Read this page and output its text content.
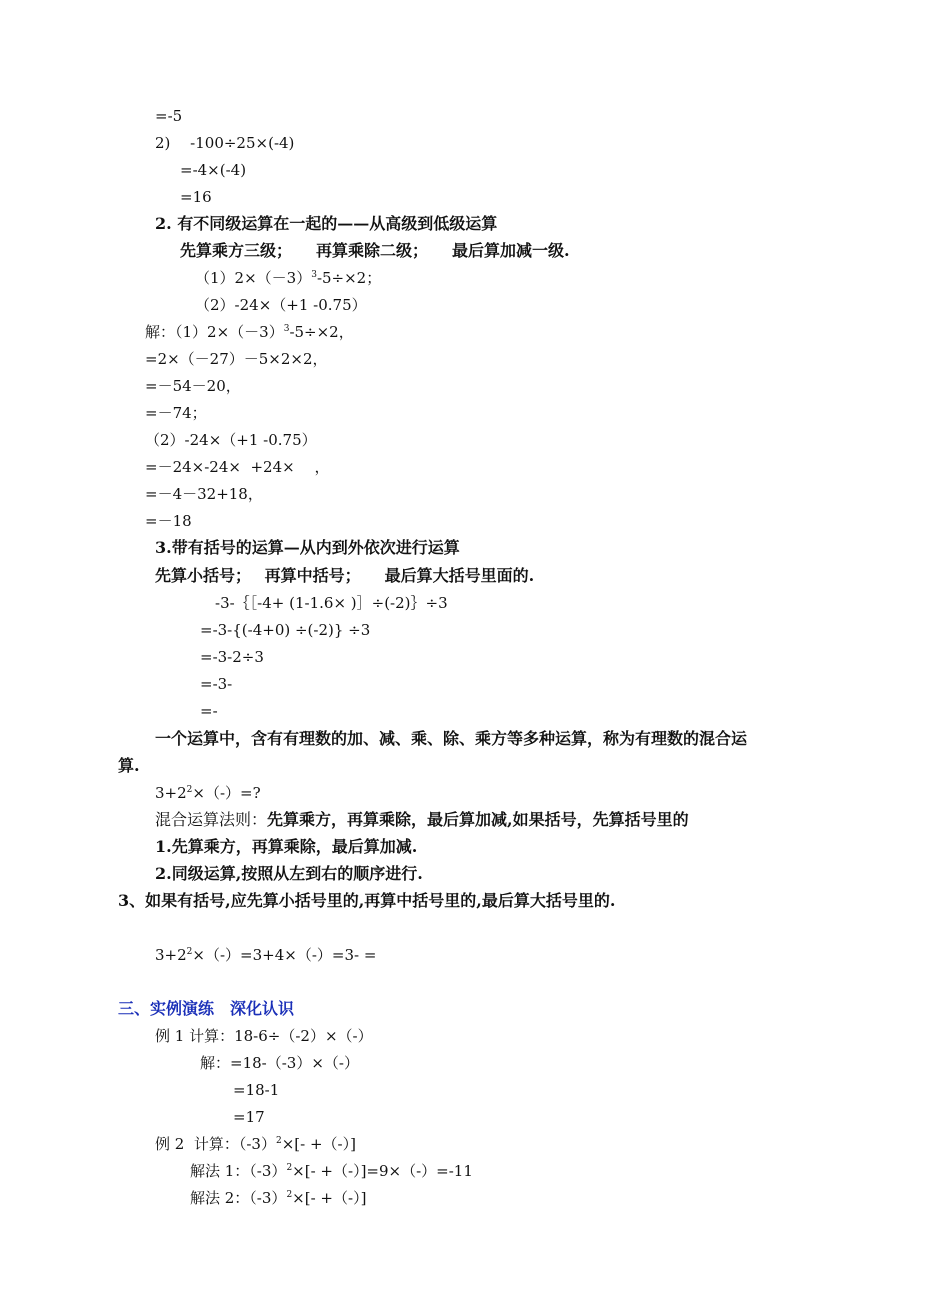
=-5
2)　 -100÷25×(-4)
=-4×(-4)
=16
2. 有不同级运算在一起的——从高级到低级运算
先算乘方三级；　　再算乘除二级；　　最后算加减一级.
$(1)2\times(-3)^3-5\div\times 2$；
（2）-24×（+1 -0.75）
解：$(1)2\times(-3)^3-5\div\times 2$，
=2×（－27）－5×2×2，
=－54－20，
=－74；
（2）-24×（+1 -0.75）
=－24×-24×  +24×　 ，
=－4－32+18，
=－18
3.带有括号的运算—从内到外依次进行运算
先算小括号；　 再算中括号；　　最后算大括号里面的.
-3-｛［-4+ (1-1.6× )］÷(-2)｝÷3
=-3-{(-4+0) ÷(-2)} ÷3
=-3-2÷3
=-3-
=-
一个运算中，含有有理数的加、减、乘、除、乘方等多种运算，称为有理数的混合运
算.
$3+2^2\times(-)=$?
混合运算法则：先算乘方，再算乘除，最后算加减,如果括号，先算括号里的
1.先算乘方，再算乘除，最后算加减.
2.同级运算,按照从左到右的顺序进行.
3、如果有括号,应先算小括号里的,再算中括号里的,最后算大括号里的.
$3+2^2\times(-)=3+4\times(-)=3-$ =
三、实例演练　深化认识
例 1 计算：18-6÷（-2）×（-）
解：=18-（-3）×（-）
=18-1
=17
例 2  计算：$(-3)^2\times[-$ +（-）]
解法 1：$(-3)^2\times[- +(-)]=9\times(-)=-11$
解法 2：$(-3)^2\times[-$ +（-）]
